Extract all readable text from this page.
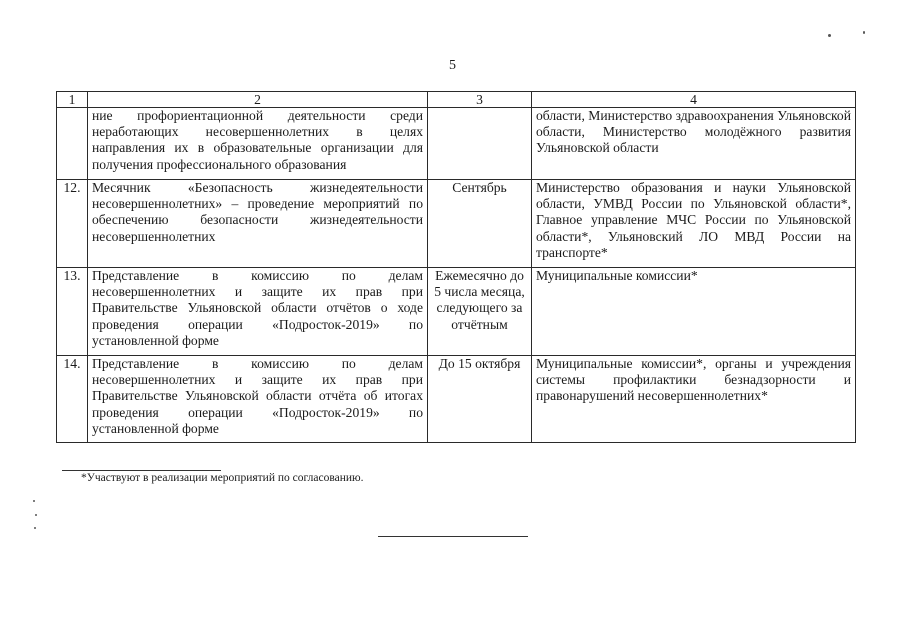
5
1	2	3	4
	ние профориентационной деятельности среди неработающих несовершеннолетних в целях направления их в образовательные организации для получения профессионального образования		области, Министерство здравоохранения Ульяновской области, Министерство молодёжного развития Ульяновской области
12.	Месячник «Безопасность жизнедеятельности несовершеннолетних» – проведение мероприятий по обеспечению безопасности жизнедеятельности несовершеннолетних	Сентябрь	Министерство образования и науки Ульяновской области, УМВД России по Ульяновской области*, Главное управление МЧС России по Ульяновской области*, Ульяновский ЛО МВД России на транспорте*
13.	Представление в комиссию по делам несовершеннолетних и защите их прав при Правительстве Ульяновской области отчётов о ходе проведения операции «Подросток-2019» по установленной форме	Ежемесячно до 5 числа месяца, следующего за отчётным	Муниципальные комиссии*
14.	Представление в комиссию по делам несовершеннолетних и защите их прав при Правительстве Ульяновской области отчёта об итогах проведения операции «Подросток-2019» по установленной форме	До 15 октября	Муниципальные комиссии*, органы и учреждения системы профилактики безнадзорности и правонарушений несовершеннолетних*
*Участвуют в реализации мероприятий по согласованию.
